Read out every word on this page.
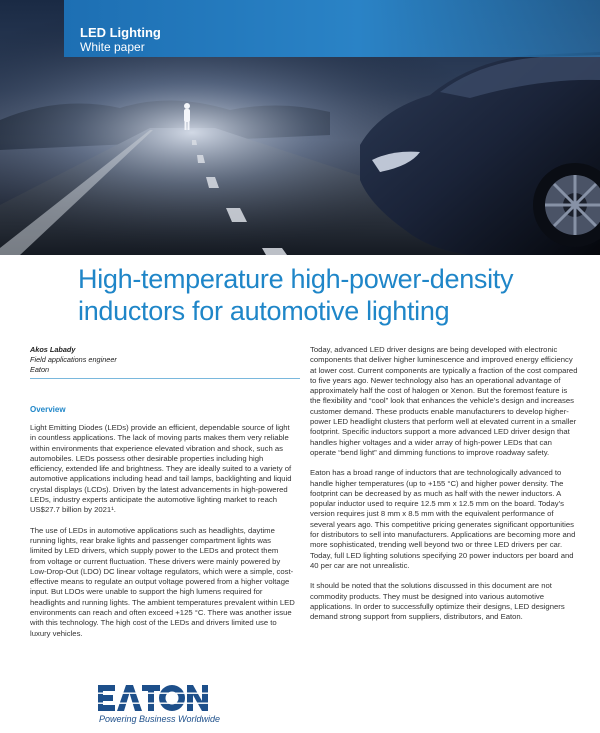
LED Lighting
White paper
High-temperature high-power-density inductors for automotive lighting
Akos Labady
Field applications engineer
Eaton
Overview

Light Emitting Diodes (LEDs) provide an efficient, dependable source of light in countless applications. The lack of moving parts makes them very reliable within environments that experience elevated vibration and shock, such as automobiles. LEDs possess other desirable properties including high efficiency, extended life and brightness. They are ideally suited to a variety of automotive applications including head and tail lamps, backlighting and liquid crystal displays (LCDs). Driven by the latest advancements in high-powered LEDs, industry experts anticipate the automotive lighting market to reach US$27.7 billion by 2021¹.

The use of LEDs in automotive applications such as headlights, daytime running lights, rear brake lights and passenger compartment lights was limited by LED drivers, which supply power to the LEDs and protect them from voltage or current fluctuation. These drivers were mainly powered by Low-Drop-Out (LDO) DC linear voltage regulators, which were a simple, cost-effective means to regulate an output voltage powered from a higher voltage input. But LDOs were unable to support the high lumens required for headlights and running lights. The ambient temperatures prevalent within LED environments can reach and often exceed +125 °C. There was another issue with this technology. The high cost of the LEDs and drivers limited use to luxury vehicles.

Today, advanced LED driver designs are being developed with electronic components that deliver higher luminescence and improved energy efficiency at lower cost. Current components are typically a fraction of the cost compared to five years ago. Newer technology also has an operational advantage of approximately half the cost of halogen or Xenon. But the foremost feature is the flexibility and “cool” look that enhances the vehicle’s design and increases customer demand. These products enable manufacturers to develop higher-power LED headlight clusters that perform well at elevated current in a smaller footprint. Specific inductors support a more advanced LED driver design that handles higher voltages and a wider array of high-power LEDs that can operate “bend light” and dimming functions to improve roadway safety.

Eaton has a broad range of inductors that are technologically advanced to handle higher temperatures (up to +155 °C) and higher power density. The footprint can be decreased by as much as half with the newer inductors. A popular inductor used to require 12.5 mm x 12.5 mm on the board. Today’s version requires just 8 mm x 8.5 mm with the equivalent performance of several years ago. This competitive pricing generates significant opportunities for distributors to sell into manufacturers. Applications are becoming more and more sophisticated, trending well beyond two or three LED drivers per car. Today, full LED lighting solutions specifying 20 power inductors per board and 40 per car are not unrealistic.

It should be noted that the solutions discussed in this document are not commodity products. They must be designed into various automotive applications. In order to successfully optimize their designs, LED designers demand strong support from suppliers, distributors, and Eaton.

Powering Business Worldwide
